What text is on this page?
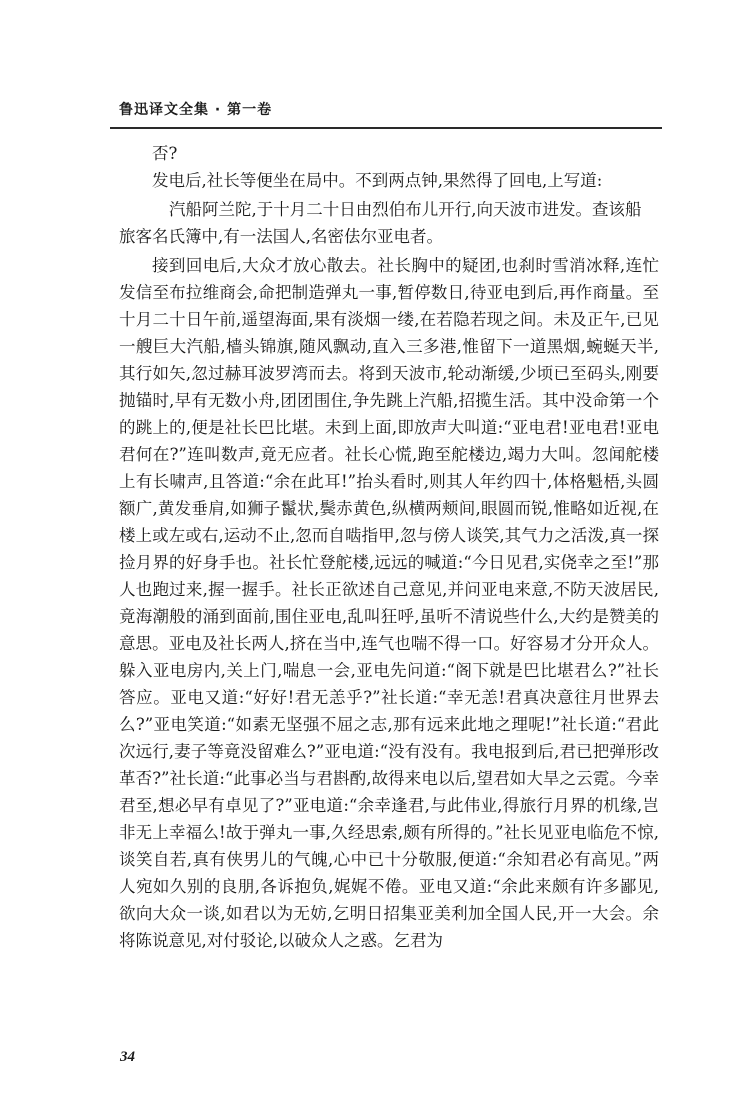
鲁迅译文全集 · 第一卷

否?

发电后,社长等便坐在局中。不到两点钟,果然得了回电,上写道:

汽船阿兰陀,于十月二十日由烈伯布儿开行,向天波市进发。查该船

旅客名氏簿中,有一法国人,名密佉尔亚电者。

接到回电后,大众才放心散去。社长胸中的疑团,也刹时雪消冰释,连忙发信至布拉维商会,命把制造弹丸一事,暂停数日,待亚电到后,再作商量。至十月二十日午前,遥望海面,果有淡烟一缕,在若隐若现之间。未及正午,已见一艘巨大汽船,樯头锦旗,随风飘动,直入三多港,惟留下一道黑烟,蜿蜒天半,其行如矢,忽过赫耳波罗湾而去。将到天波市,轮动渐缓,少顷已至码头,刚要抛锚时,早有无数小舟,团团围住,争先跳上汽船,招揽生活。其中没命第一个的跳上的,便是社长巴比堪。未到上面,即放声大叫道:“亚电君!亚电君!亚电君何在?”连叫数声,竟无应者。社长心慌,跑至舵楼边,竭力大叫。忽闻舵楼上有长啸声,且答道:“余在此耳!”抬头看时,则其人年约四十,体格魁梧,头圆额广,黄发垂肩,如狮子鬣状,鬓赤黄色,纵横两颊间,眼圆而锐,惟略如近视,在楼上或左或右,运动不止,忽而自啮指甲,忽与傍人谈笑,其气力之活泼,真一探捡月界的好身手也。社长忙登舵楼,远远的喊道:“今日见君,实侥幸之至!”那人也跑过来,握一握手。社长正欲述自己意见,并问亚电来意,不防天波居民,竟海潮般的涌到面前,围住亚电,乱叫狂呼,虽听不清说些什么,大约是赞美的意思。亚电及社长两人,挤在当中,连气也喘不得一口。好容易才分开众人。躲入亚电房内,关上门,喘息一会,亚电先问道:“阁下就是巴比堪君么?”社长答应。亚电又道:“好好!君无恙乎?”社长道:“幸无恙!君真决意往月世界去么?”亚电笑道:“如素无坚强不屈之志,那有远来此地之理呢!”社长道:“君此次远行,妻子等竟没留难么?”亚电道:“没有没有。我电报到后,君已把弹形改革否?”社长道:“此事必当与君斟酌,故得来电以后,望君如大旱之云霓。今幸君至,想必早有卓见了?”亚电道:“余幸逢君,与此伟业,得旅行月界的机缘,岂非无上幸福么!故于弹丸一事,久经思索,颇有所得的。”社长见亚电临危不惊,谈笑自若,真有侠男儿的气魄,心中已十分敬服,便道:“余知君必有高见。”两人宛如久别的良朋,各诉抱负,娓娓不倦。亚电又道:“余此来颇有许多鄙见,欲向大众一谈,如君以为无妨,乞明日招集亚美利加全国人民,开一大会。余将陈说意见,对付驳论,以破众人之惑。乞君为

34
